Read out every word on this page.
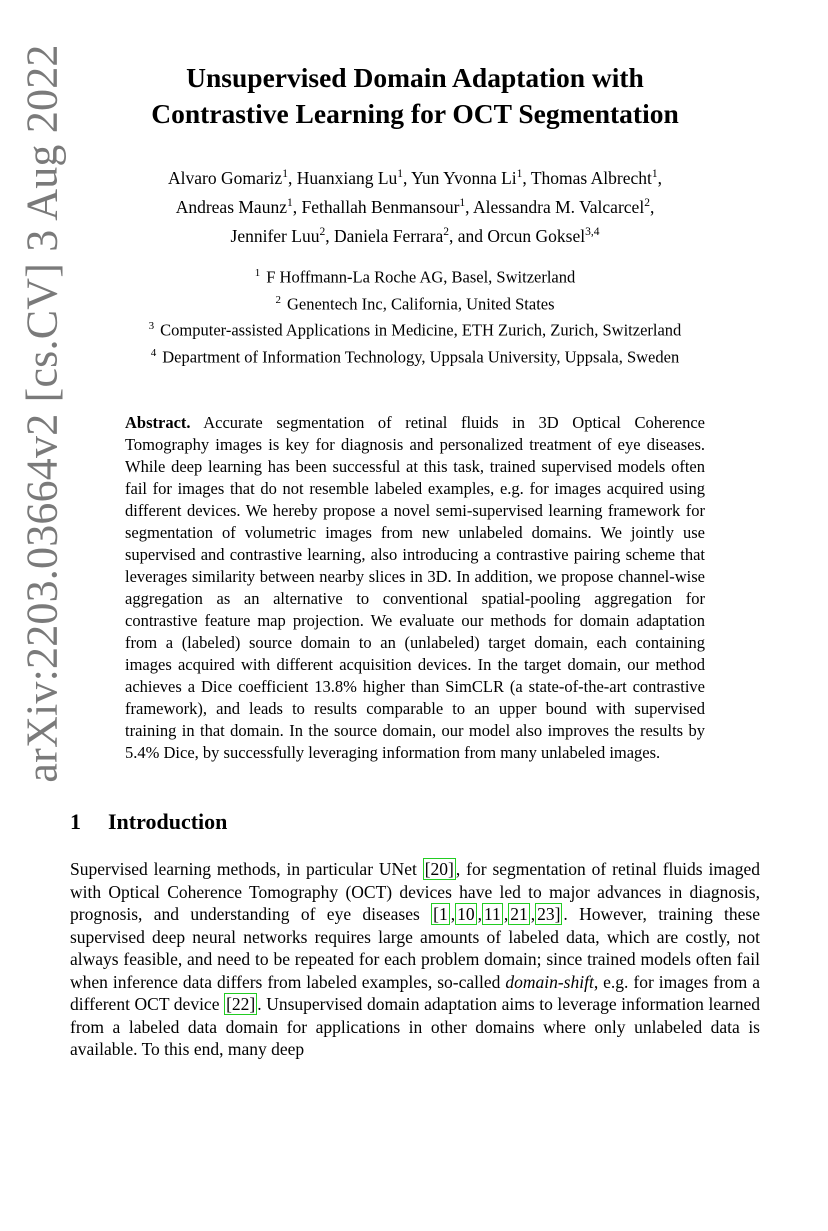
arXiv:2203.03664v2 [cs.CV] 3 Aug 2022	Unsupervised Domain Adaptation with
Contrastive Learning for OCT Segmentation
Alvaro Gomariz$^1$, Huanxiang Lu$^1$, Yun Yvonna Li$^1$, Thomas Albrecht$^1$,
Andreas Maunz$^1$, Fethallah Benmansour$^1$, Alessandra M. Valcarcel$^2$,
Jennifer Luu$^2$, Daniela Ferrara$^2$, and Orcun Goksel$^{3,4}$
$^1$ F Hoffmann-La Roche AG, Basel, Switzerland
$^2$ Genentech Inc, California, United States
$^3$ Computer-assisted Applications in Medicine, ETH Zurich, Zurich, Switzerland
$^4$ Department of Information Technology, Uppsala University, Uppsala, Sweden
Abstract. Accurate segmentation of retinal fluids in 3D Optical Coherence Tomography images is key for diagnosis and personalized treatment of eye diseases. While deep learning has been successful at this task, trained supervised models often fail for images that do not resemble labeled examples, e.g. for images acquired using different devices. We hereby propose a novel semi-supervised learning framework for segmentation of volumetric images from new unlabeled domains. We jointly use supervised and contrastive learning, also introducing a contrastive pairing scheme that leverages similarity between nearby slices in 3D. In addition, we propose channel-wise aggregation as an alternative to conventional spatial-pooling aggregation for contrastive feature map projection. We evaluate our methods for domain adaptation from a (labeled) source domain to an (unlabeled) target domain, each containing images acquired with different acquisition devices. In the target domain, our method achieves a Dice coefficient 13.8% higher than SimCLR (a state-of-the-art contrastive framework), and leads to results comparable to an upper bound with supervised training in that domain. In the source domain, our model also improves the results by 5.4% Dice, by successfully leveraging information from many unlabeled images.
1 Introduction
Supervised learning methods, in particular UNet [20] , for segmentation of retinal fluids imaged with Optical Coherence Tomography (OCT) devices have led to major advances in diagnosis, prognosis, and understanding of eye diseases [1 , 10 , 11 , 21 , 23] . However, training these supervised deep neural networks requires large amounts of labeled data, which are costly, not always feasible, and need to be repeated for each problem domain; since trained models often fail when inference data differs from labeled examples, so-called domain-shift, e.g. for images from a different OCT device [22] . Unsupervised domain adaptation aims to leverage information learned from a labeled data domain for applications in other domains where only unlabeled data is available. To this end, many deep
